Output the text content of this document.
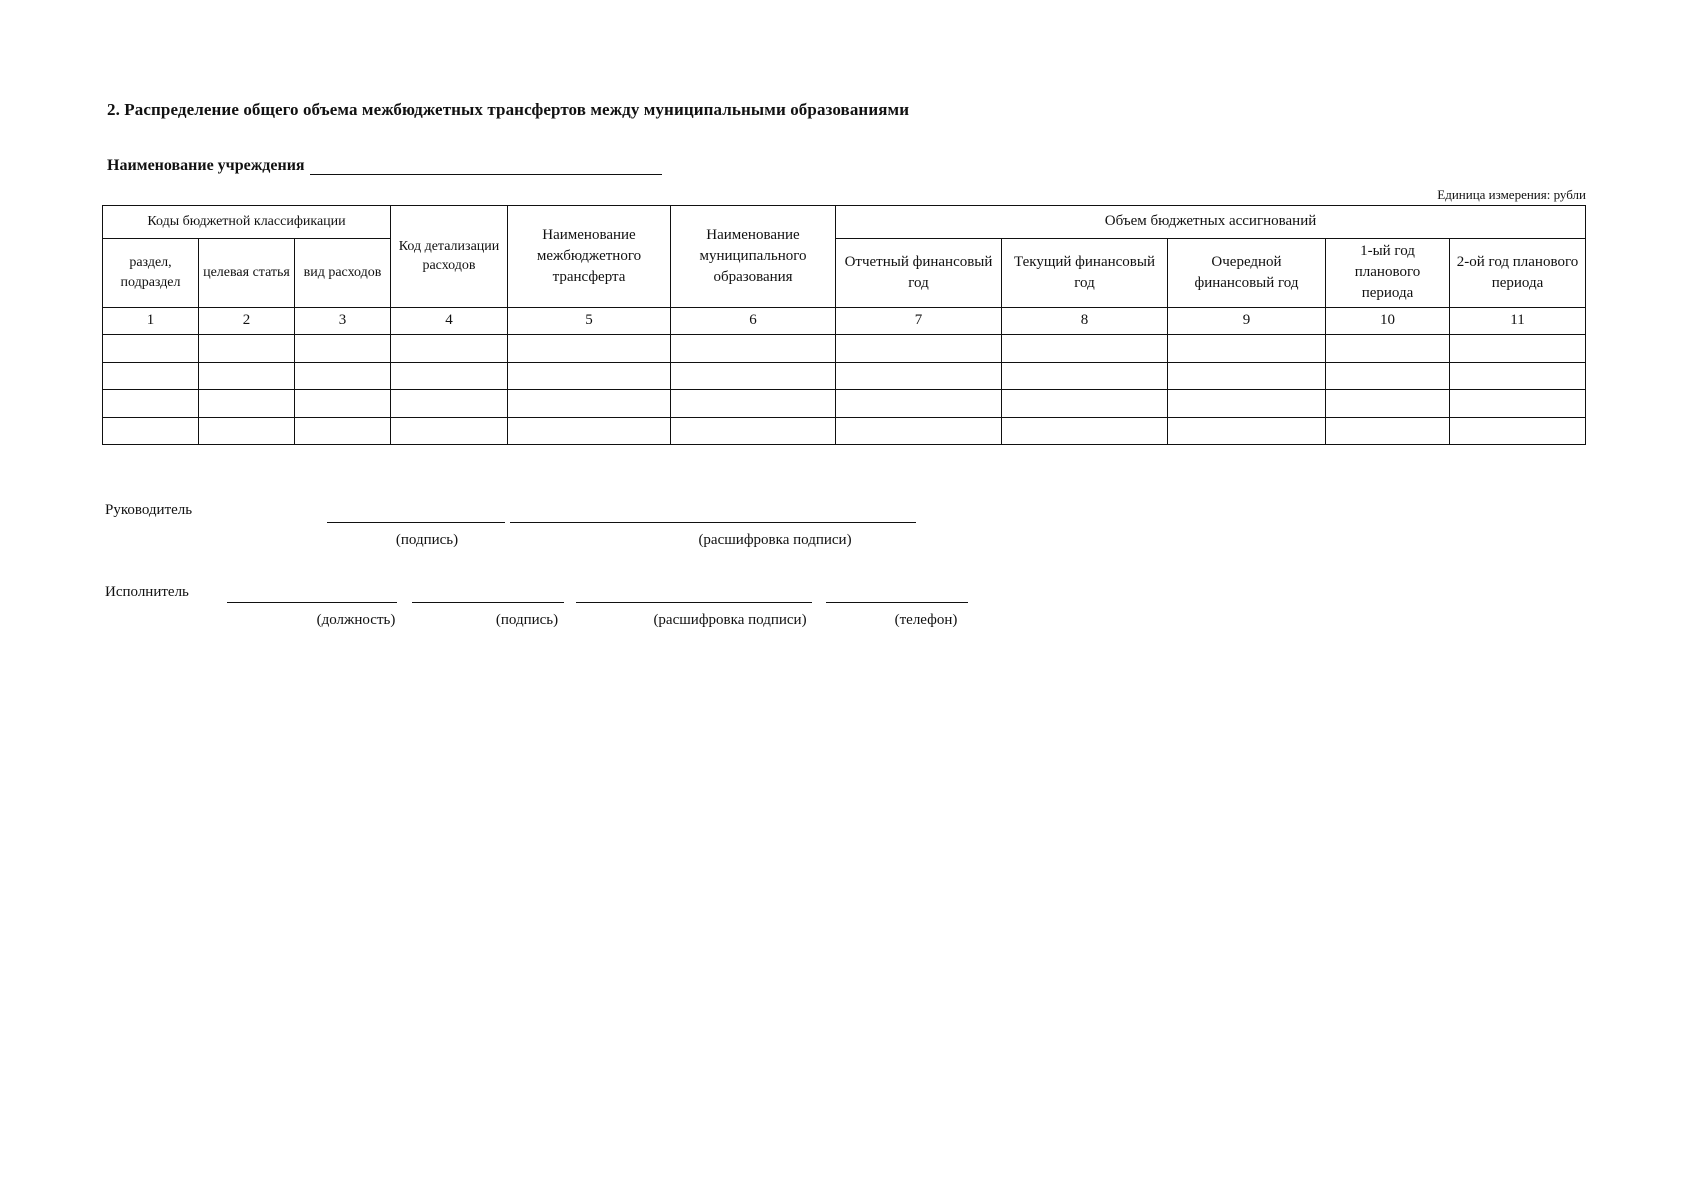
2. Распределение общего объема межбюджетных трансфертов между муниципальными образованиями
Наименование учреждения
Единица измерения: рубли
Коды бюджетной классификации			Код детализации расходов	Наименование межбюджетного трансферта	Наименование муниципального образования	Объем бюджетных ассигнований				
раздел, подраздел	целевая статья	вид расходов				Отчетный финансовый год	Текущий финансовый год	Очередной финансовый год	1-ый год планового периода	2-ой год планового периода
1	2	3	4	5	6	7	8	9	10	11

Руководитель
(подпись)	(расшифровка подписи)
Исполнитель
(должность)	(подпись)	(расшифровка подписи)	(телефон)
